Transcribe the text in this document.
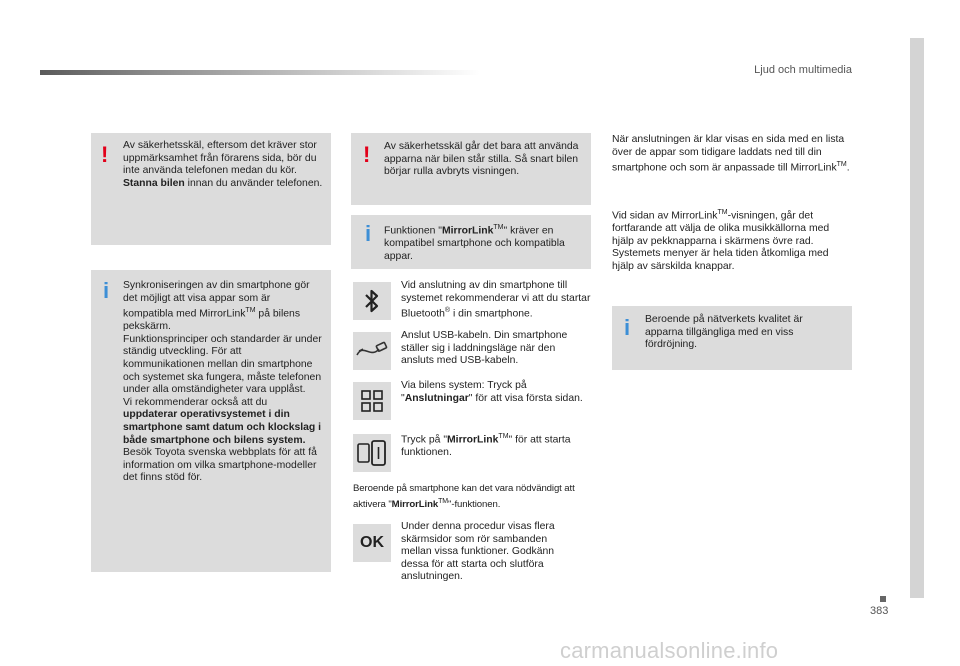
Ljud och multimedia
! Av säkerhetsskäl, eftersom det kräver stor uppmärksamhet från förarens sida, bör du inte använda telefonen medan du kör.
Stanna bilen innan du använder telefonen.
i Synkroniseringen av din smartphone gör det möjligt att visa appar som är kompatibla med MirrorLink™ på bilens pekskärm.
Funktionsprinciper och standarder är under ständig utveckling. För att kommunikationen mellan din smartphone och systemet ska fungera, måste telefonen under alla omständigheter vara upplåst.
Vi rekommenderar också att du
uppdaterar operativsystemet i din smartphone samt datum och klockslag i både smartphone och bilens system.
Besök Toyota svenska webbplats för att få information om vilka smartphone-modeller det finns stöd för.
! Av säkerhetsskäl går det bara att använda apparna när bilen står stilla. Så snart bilen börjar rulla avbryts visningen.
i Funktionen "MirrorLink™" kräver en kompatibel smartphone och kompatibla appar.
Vid anslutning av din smartphone till systemet rekommenderar vi att du startar Bluetooth® i din smartphone.
Anslut USB-kabeln. Din smartphone ställer sig i laddningsläge när den ansluts med USB-kabeln.
Via bilens system: Tryck på "Anslutningar" för att visa första sidan.
Tryck på "MirrorLink™" för att starta funktionen.
Beroende på smartphone kan det vara nödvändigt att aktivera "MirrorLink™"-funktionen.
OK
Under denna procedur visas flera skärmsidor som rör sambanden mellan vissa funktioner. Godkänn dessa för att starta och slutföra anslutningen.
När anslutningen är klar visas en sida med en lista över de appar som tidigare laddats ned till din smartphone och som är anpassade till MirrorLink™.
Vid sidan av MirrorLink™-visningen, går det fortfarande att välja de olika musikkällorna med hjälp av pekknapparna i skärmens övre rad. Systemets menyer är hela tiden åtkomliga med hjälp av särskilda knappar.
i Beroende på nätverkets kvalitet är apparna tillgängliga med en viss fördröjning.
383
carmanualsonline.info
